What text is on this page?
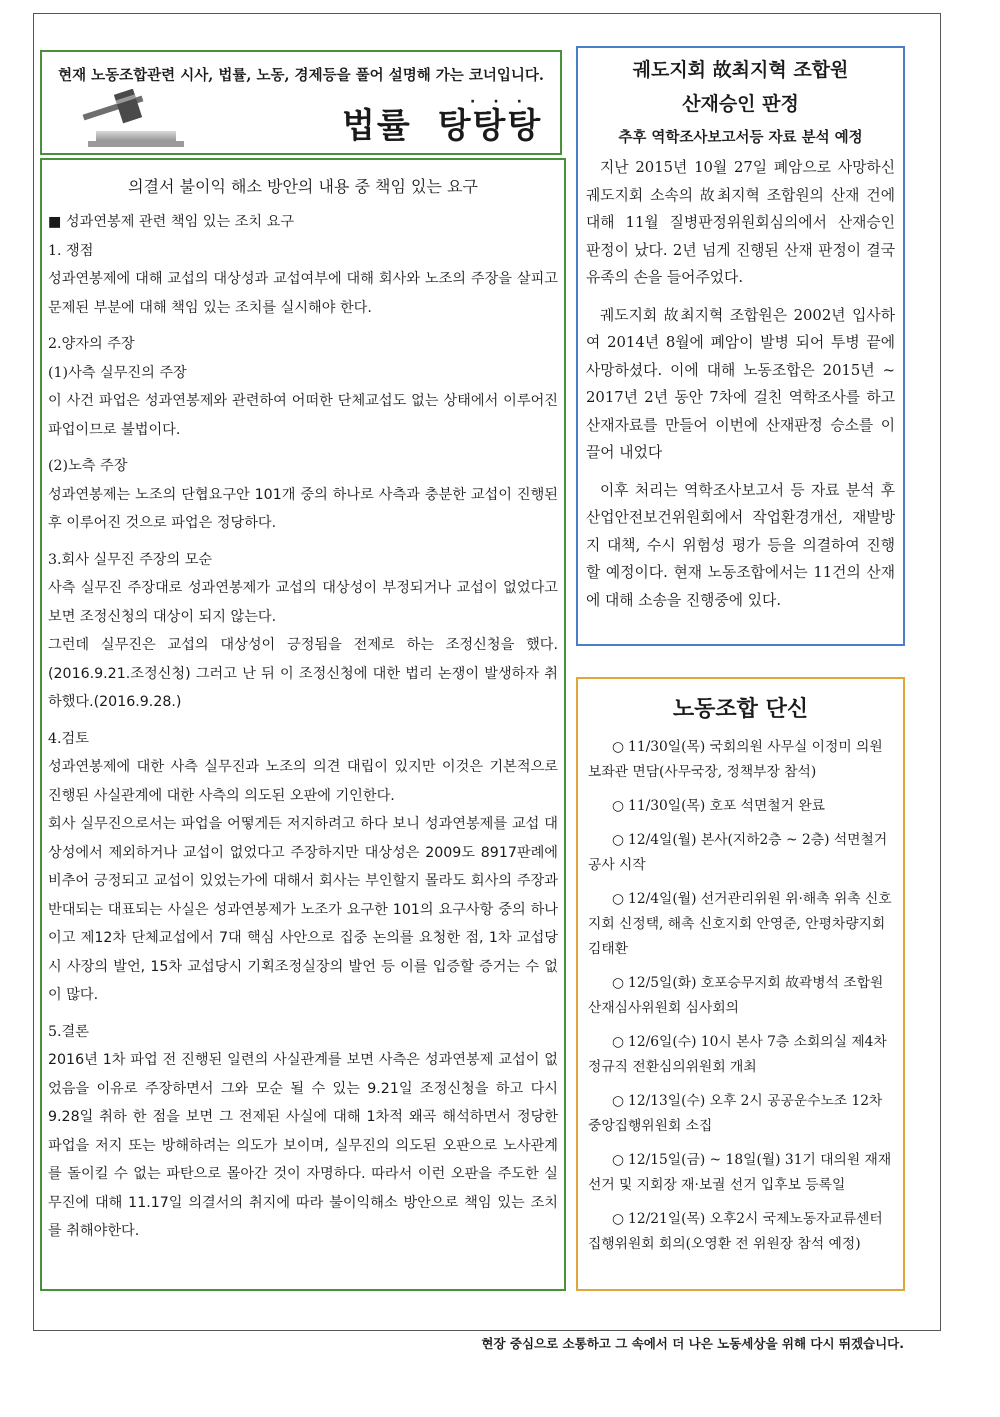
현재 노동조합관련 시사, 법률, 노동, 경제등을 풀어 설명해 가는 코너입니다.
···
법률 탕탕탕

의결서 불이익 해소 방안의 내용 중 책임 있는 요구

■ 성과연봉제 관련 책임 있는 조치 요구

1. 쟁점

성과연봉제에 대해 교섭의 대상성과 교섭여부에 대해 회사와 노조의 주장을 살피고 문제된 부분에 대해 책임 있는 조치를 실시해야 한다.

2.양자의 주장

(1)사측 실무진의 주장

이 사건 파업은 성과연봉제와 관련하여 어떠한 단체교섭도 없는 상태에서 이루어진 파업이므로 불법이다.

(2)노측 주장

성과연봉제는 노조의 단협요구안 101개 중의 하나로 사측과 충분한 교섭이 진행된 후 이루어진 것으로 파업은 정당하다.

3.회사 실무진 주장의 모순

사측 실무진 주장대로 성과연봉제가 교섭의 대상성이 부정되거나 교섭이 없었다고 보면 조정신청의 대상이 되지 않는다.

그런데 실무진은 교섭의 대상성이 긍정됨을 전제로 하는 조정신청을 했다.(2016.9.21.조정신청) 그러고 난 뒤 이 조정신청에 대한 법리 논쟁이 발생하자 취하했다.(2016.9.28.)

4.검토

성과연봉제에 대한 사측 실무진과 노조의 의견 대립이 있지만 이것은 기본적으로 진행된 사실관계에 대한 사측의 의도된 오판에 기인한다.

회사 실무진으로서는 파업을 어떻게든 저지하려고 하다 보니 성과연봉제를 교섭 대상성에서 제외하거나 교섭이 없었다고 주장하지만 대상성은 2009도 8917판례에 비추어 긍정되고 교섭이 있었는가에 대해서 회사는 부인할지 몰라도 회사의 주장과 반대되는 대표되는 사실은 성과연봉제가 노조가 요구한 101의 요구사항 중의 하나이고 제12차 단체교섭에서 7대 핵심 사안으로 집중 논의를 요청한 점, 1차 교섭당시 사장의 발언, 15차 교섭당시 기획조정실장의 발언 등 이를 입증할 증거는 수 없이 많다.

5.결론

2016년 1차 파업 전 진행된 일련의 사실관계를 보면 사측은 성과연봉제 교섭이 없었음을 이유로 주장하면서 그와 모순 될 수 있는 9.21일 조정신청을 하고 다시 9.28일 취하 한 점을 보면 그 전제된 사실에 대해 1차적 왜곡 해석하면서 정당한 파업을 저지 또는 방해하려는 의도가 보이며, 실무진의 의도된 오판으로 노사관계를 돌이킬 수 없는 파탄으로 몰아간 것이 자명하다. 따라서 이런 오판을 주도한 실무진에 대해 11.17일 의결서의 취지에 따라 불이익해소 방안으로 책임 있는 조치를 취해야한다.

궤도지회 故최지혁 조합원
산재승인 판정
추후 역학조사보고서등 자료 분석 예정

지난 2015년 10월 27일 폐암으로 사망하신 궤도지회 소속의 故최지혁 조합원의 산재 건에 대해 11월 질병판정위원회심의에서 산재승인 판정이 났다. 2년 넘게 진행된 산재 판정이 결국 유족의 손을 들어주었다.

궤도지회 故최지혁 조합원은 2002년 입사하여 2014년 8월에 폐암이 발병 되어 투병 끝에 사망하셨다. 이에 대해 노동조합은 2015년 ~ 2017년 2년 동안 7차에 걸친 역학조사를 하고 산재자료를 만들어 이번에 산재판정 승소를 이끌어 내었다

이후 처리는 역학조사보고서 등 자료 분석 후 산업안전보건위원회에서 작업환경개선, 재발방지 대책, 수시 위험성 평가 등을 의결하여 진행할 예정이다. 현재 노동조합에서는 11건의 산재에 대해 소송을 진행중에 있다.

노동조합 단신
○ 11/30일(목) 국회의원 사무실 이정미 의원 보좌관 면담(사무국장, 정책부장 참석)
○ 11/30일(목) 호포 석면철거 완료
○ 12/4일(월) 본사(지하2층 ~ 2층) 석면철거 공사 시작
○ 12/4일(월) 선거관리위원 위·해촉 위촉 신호지회 신정택, 해촉 신호지회 안영준, 안평차량지회 김태환
○ 12/5일(화) 호포승무지회 故곽병석 조합원 산재심사위원회 심사회의
○ 12/6일(수) 10시 본사 7층 소회의실 제4차 정규직 전환심의위원회 개최
○ 12/13일(수) 오후 2시 공공운수노조 12차 중앙집행위원회 소집
○ 12/15일(금) ~ 18일(월) 31기 대의원 재재 선거 및 지회장 재·보궐 선거 입후보 등록일
○ 12/21일(목) 오후2시 국제노동자교류센터 집행위원회 회의(오영환 전 위원장 참석 예정)
현장 중심으로 소통하고 그 속에서 더 나은 노동세상을 위해 다시 뛰겠습니다.
